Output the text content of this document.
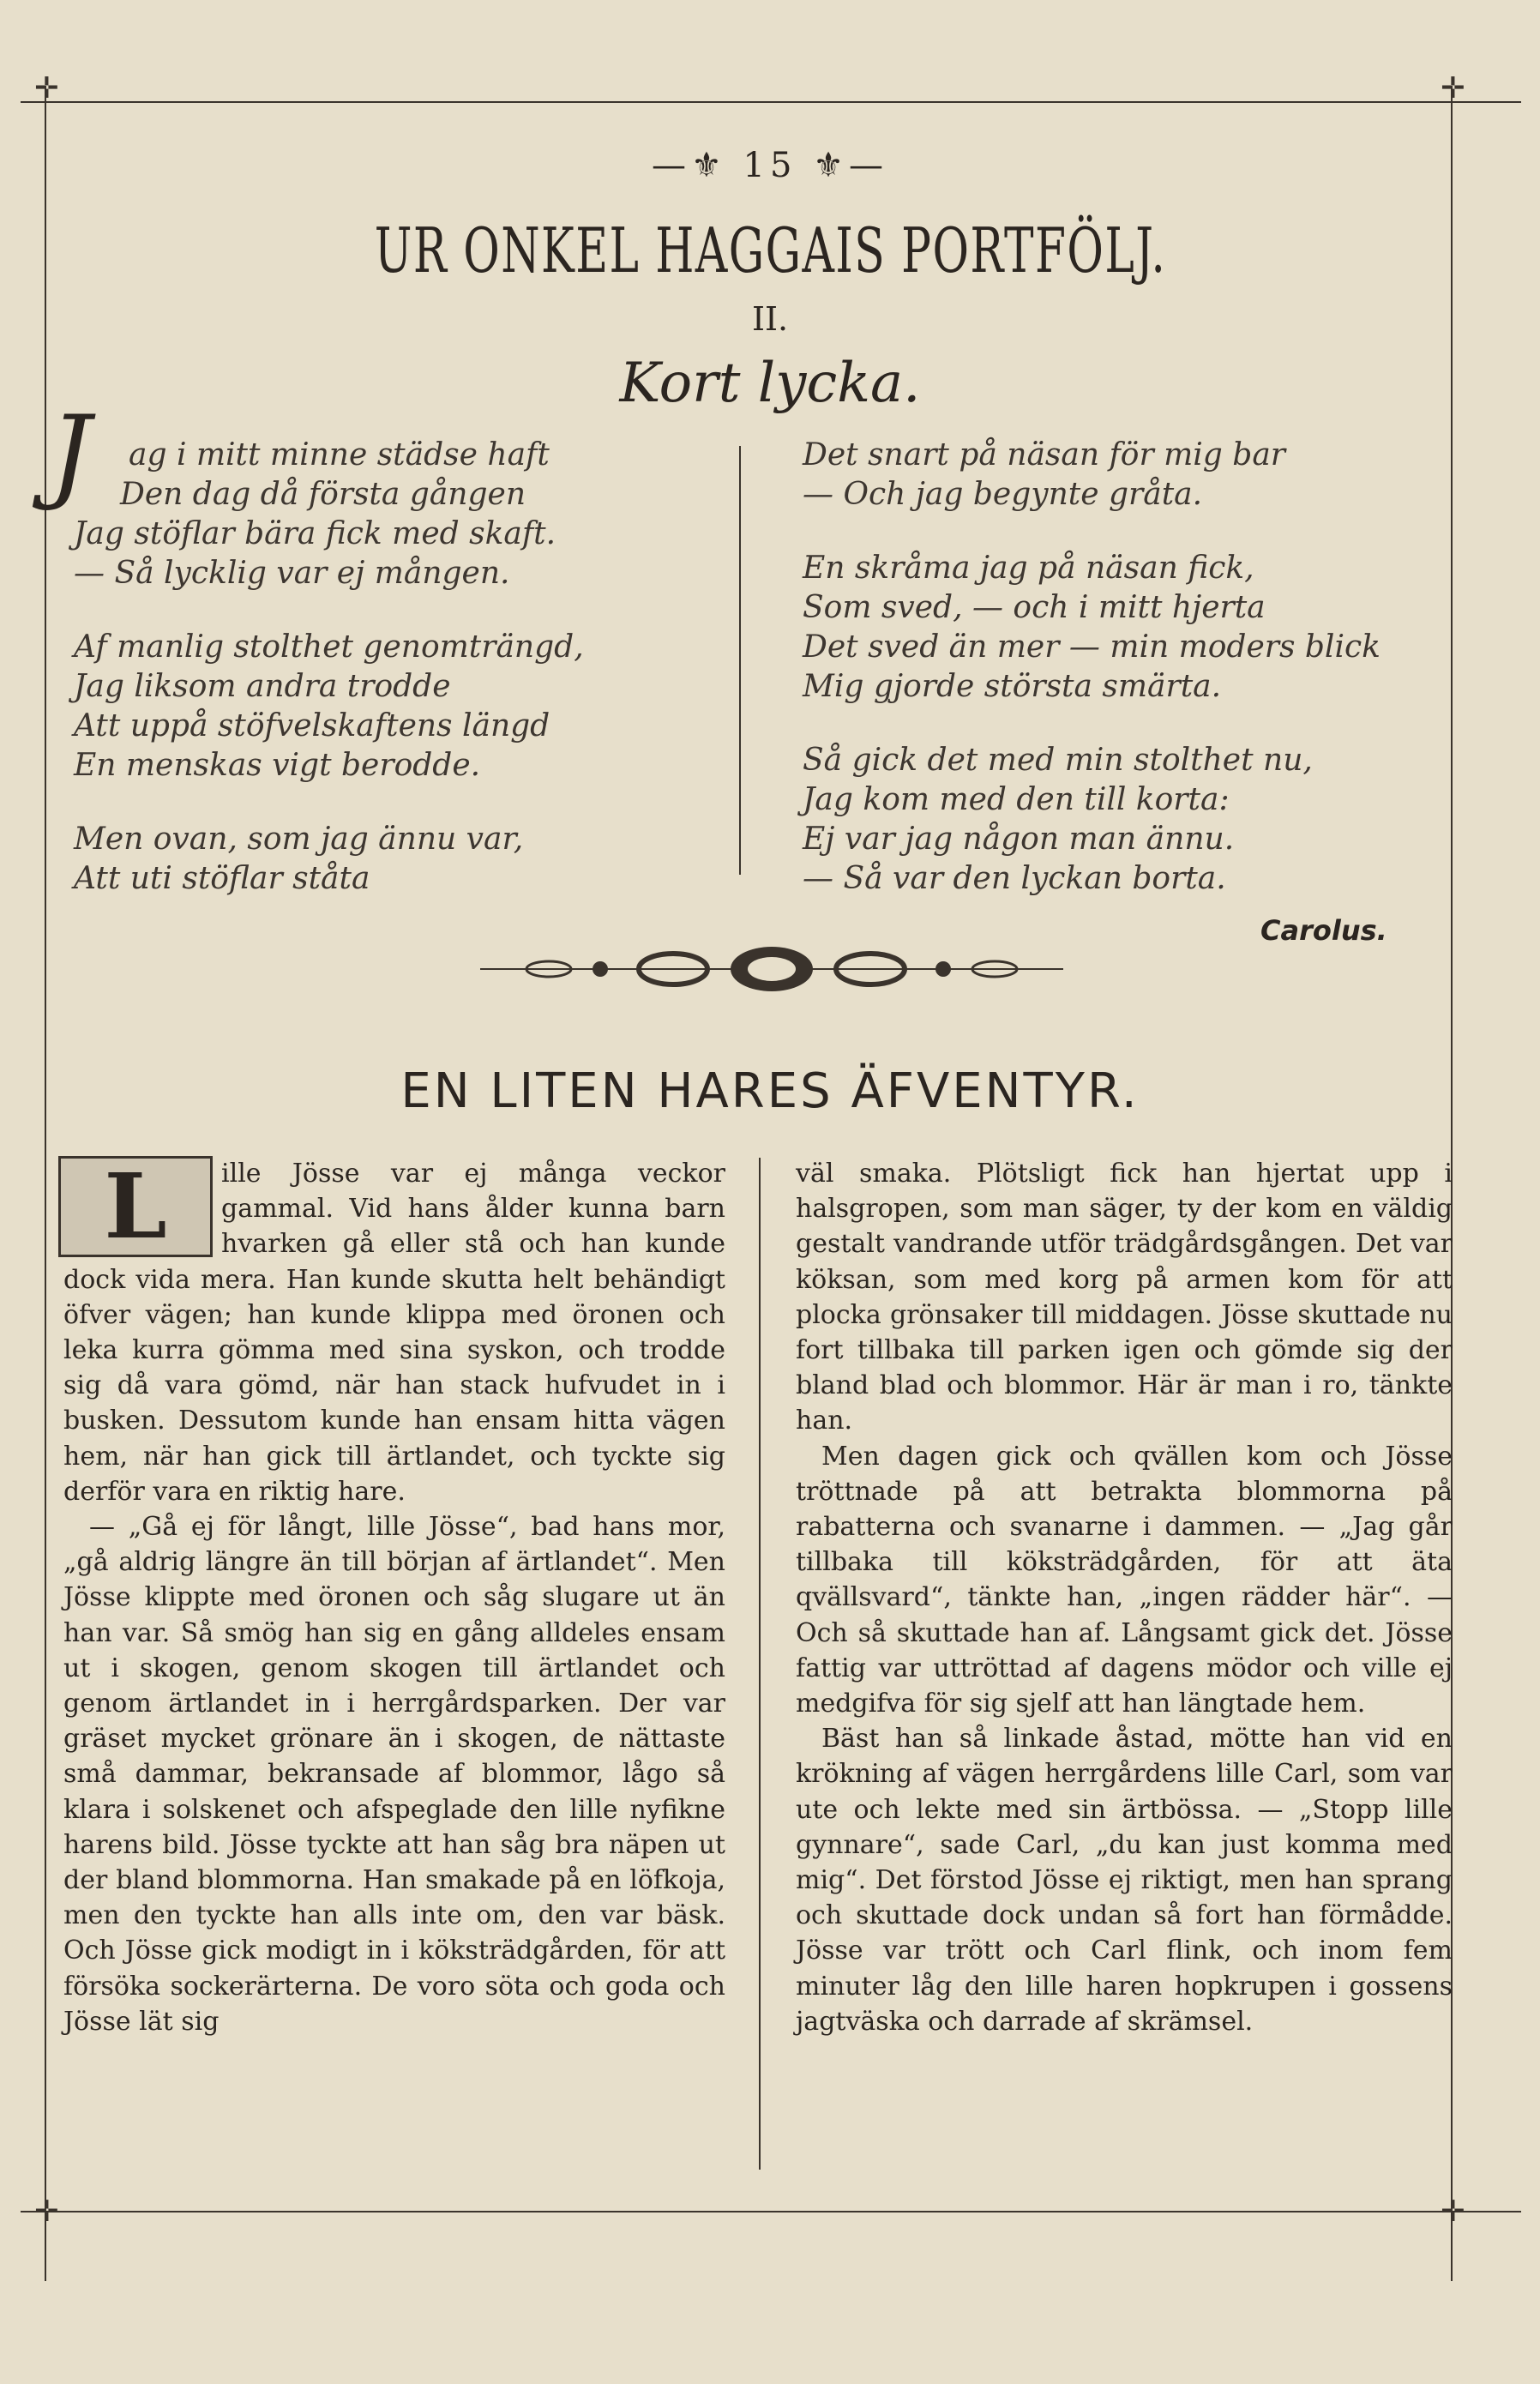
✛	✛
✛	✛
—⚜ 15 ⚜—
UR ONKEL HAGGAIS PORTFÖLJ.
II.
Kort lycka.
J ag i mitt minne städse haft
Den dag då första gången
Jag stöflar bära fick med skaft.
— Så lycklig var ej mången.
Af manlig stolthet genomträngd,
Jag liksom andra trodde
Att uppå stöfvelskaftens längd
En menskas vigt berodde.
Men ovan, som jag ännu var,
Att uti stöflar ståta
Det snart på näsan för mig bar
— Och jag begynte gråta.
En skråma jag på näsan fick,
Som sved, — och i mitt hjerta
Det sved än mer — min moders blick
Mig gjorde största smärta.
Så gick det med min stolthet nu,
Jag kom med den till korta:
Ej var jag någon man ännu.
— Så var den lyckan borta.
Carolus.
EN LITEN HARES ÄFVENTYR.

L	ille Jösse var ej många veckor gammal. Vid hans ålder kunna barn hvarken gå eller stå och han kunde dock vida mera. Han kunde skutta helt behändigt öfver vägen; han kunde klippa med öronen och leka kurra gömma med sina syskon, och trodde sig då vara gömd, när han stack hufvudet in i busken. Dessutom kunde han ensam hitta vägen hem, när han gick till ärtlandet, och tyckte sig derför vara en riktig hare.

— „Gå ej för långt, lille Jösse“, bad hans mor, „gå aldrig längre än till början af ärtlandet“. Men Jösse klippte med öronen och såg slugare ut än han var. Så smög han sig en gång alldeles ensam ut i skogen, genom skogen till ärtlandet och genom ärtlandet in i herrgårdsparken. Der var gräset mycket grönare än i skogen, de nättaste små dammar, bekransade af blommor, lågo så klara i solskenet och afspeglade den lille nyfikne harens bild. Jösse tyckte att han såg bra näpen ut der bland blommorna. Han smakade på en löfkoja, men den tyckte han alls inte om, den var bäsk. Och Jösse gick modigt in i köksträdgården, för att försöka sockerärterna. De voro söta och goda och Jösse lät sig

väl smaka. Plötsligt fick han hjertat upp i halsgropen, som man säger, ty der kom en väldig gestalt vandrande utför trädgårdsgången. Det var köksan, som med korg på armen kom för att plocka grönsaker till middagen. Jösse skuttade nu fort tillbaka till parken igen och gömde sig der bland blad och blommor. Här är man i ro, tänkte han.

Men dagen gick och qvällen kom och Jösse tröttnade på att betrakta blommorna på rabatterna och svanarne i dammen. — „Jag går tillbaka till köksträdgården, för att äta qvällsvard“, tänkte han, „ingen rädder här“. — Och så skuttade han af. Långsamt gick det. Jösse fattig var uttröttad af dagens mödor och ville ej medgifva för sig sjelf att han längtade hem.

Bäst han så linkade åstad, mötte han vid en krökning af vägen herrgårdens lille Carl, som var ute och lekte med sin ärtbössa. — „Stopp lille gynnare“, sade Carl, „du kan just komma med mig“. Det förstod Jösse ej riktigt, men han sprang och skuttade dock undan så fort han förmådde. Jösse var trött och Carl flink, och inom fem minuter låg den lille haren hopkrupen i gossens jagtväska och darrade af skrämsel.
